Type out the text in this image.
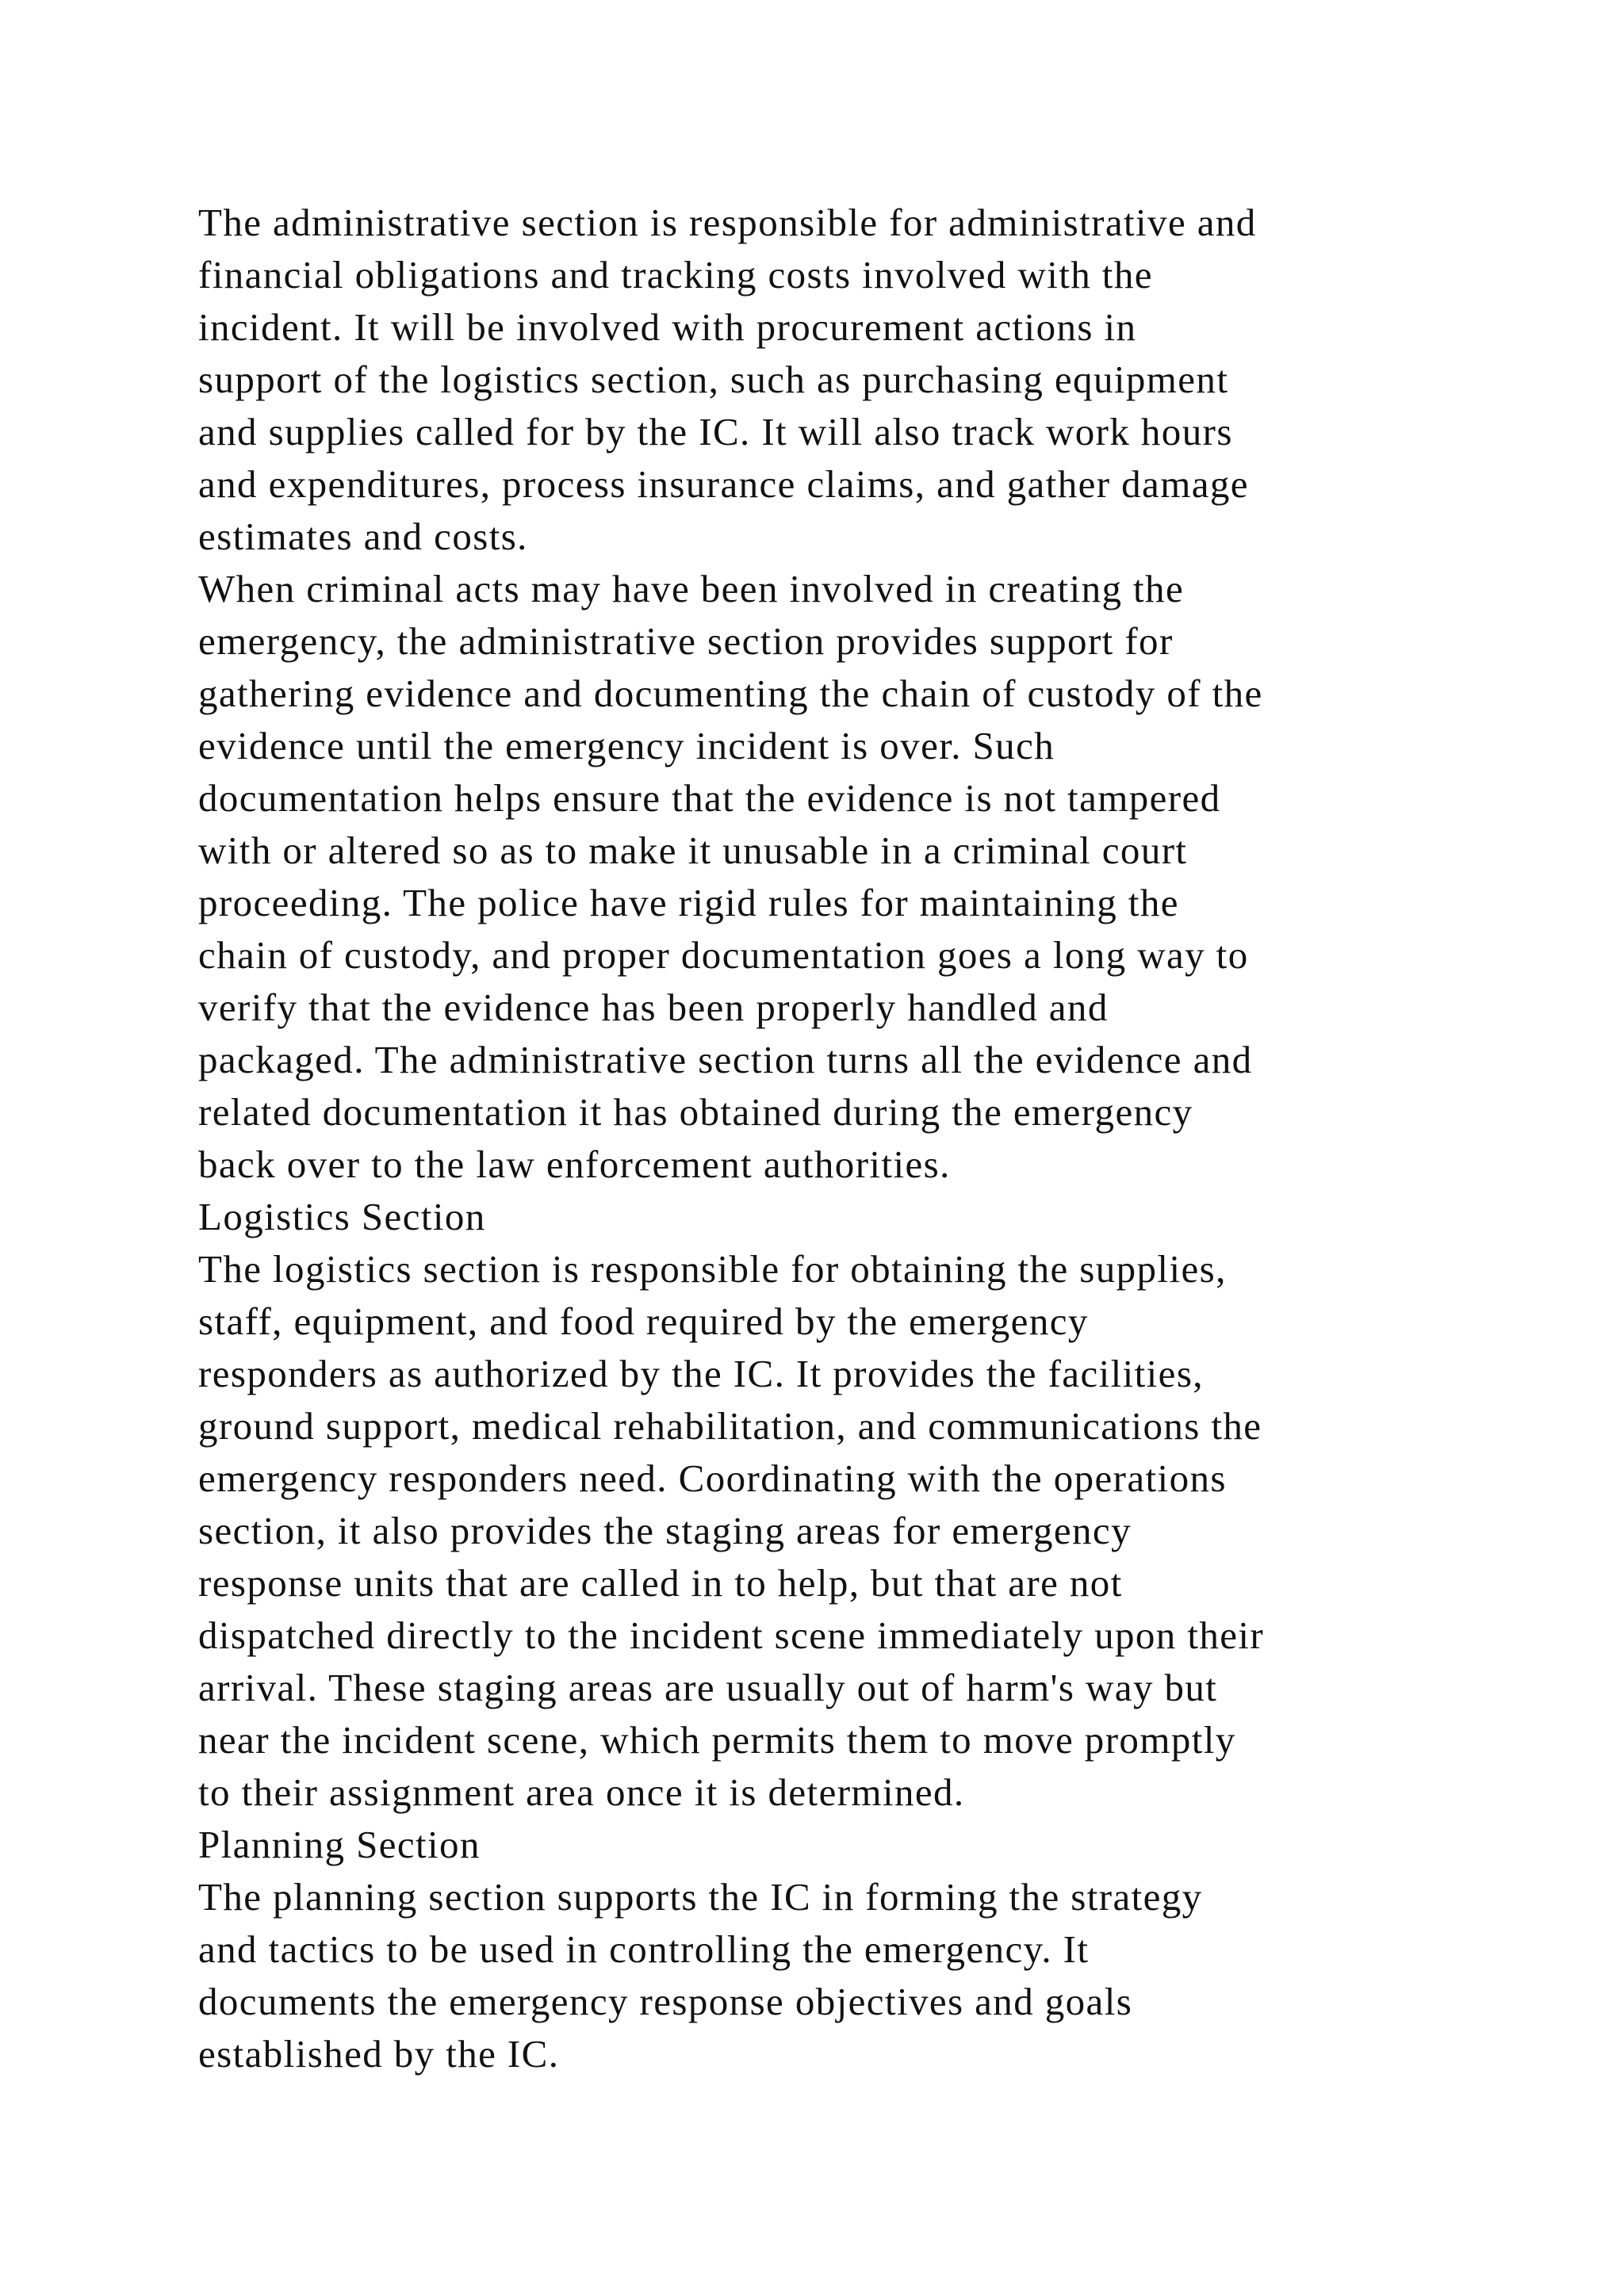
The administrative section is responsible for administrative and
financial obligations and tracking costs involved with the
incident. It will be involved with procurement actions in
support of the logistics section, such as purchasing equipment
and supplies called for by the IC. It will also track work hours
and expenditures, process insurance claims, and gather damage
estimates and costs.
When criminal acts may have been involved in creating the
emergency, the administrative section provides support for
gathering evidence and documenting the chain of custody of the
evidence until the emergency incident is over. Such
documentation helps ensure that the evidence is not tampered
with or altered so as to make it unusable in a criminal court
proceeding. The police have rigid rules for maintaining the
chain of custody, and proper documentation goes a long way to
verify that the evidence has been properly handled and
packaged. The administrative section turns all the evidence and
related documentation it has obtained during the emergency
back over to the law enforcement authorities.
Logistics Section
The logistics section is responsible for obtaining the supplies,
staff, equipment, and food required by the emergency
responders as authorized by the IC. It provides the facilities,
ground support, medical rehabilitation, and communications the
emergency responders need. Coordinating with the operations
section, it also provides the staging areas for emergency
response units that are called in to help, but that are not
dispatched directly to the incident scene immediately upon their
arrival. These staging areas are usually out of harm's way but
near the incident scene, which permits them to move promptly
to their assignment area once it is determined.
Planning Section
The planning section supports the IC in forming the strategy
and tactics to be used in controlling the emergency. It
documents the emergency response objectives and goals
established by the IC.
